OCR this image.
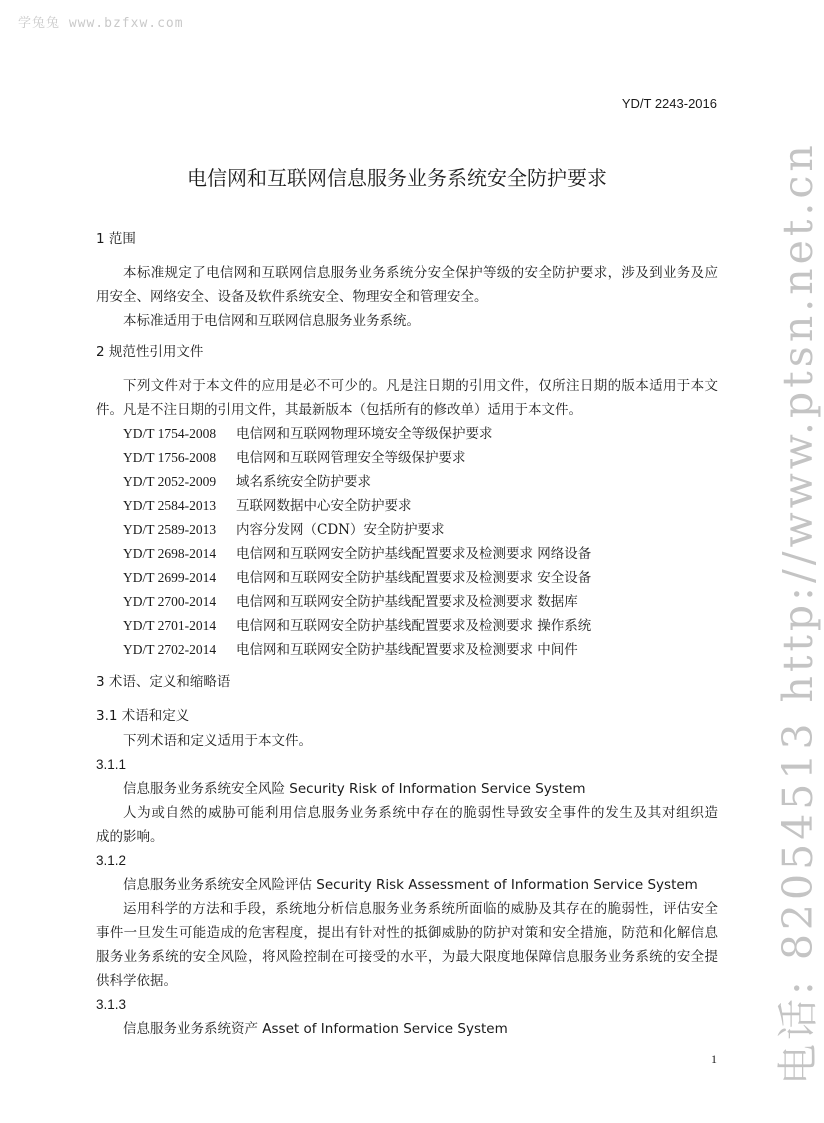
学兔兔 www.bzfxw.com
电话: 82054513 http://www.ptsn.net.cn
YD/T 2243-2016
电信网和互联网信息服务业务系统安全防护要求
1 范围
本标准规定了电信网和互联网信息服务业务系统分安全保护等级的安全防护要求，涉及到业务及应
用安全、网络安全、设备及软件系统安全、物理安全和管理安全。
本标准适用于电信网和互联网信息服务业务系统。
2 规范性引用文件
下列文件对于本文件的应用是必不可少的。凡是注日期的引用文件，仅所注日期的版本适用于本文
件。凡是不注日期的引用文件，其最新版本（包括所有的修改单）适用于本文件。
YD/T 1754-2008 电信网和互联网物理环境安全等级保护要求
YD/T 1756-2008 电信网和互联网管理安全等级保护要求
YD/T 2052-2009 域名系统安全防护要求
YD/T 2584-2013 互联网数据中心安全防护要求
YD/T 2589-2013 内容分发网（CDN）安全防护要求
YD/T 2698-2014 电信网和互联网安全防护基线配置要求及检测要求 网络设备
YD/T 2699-2014 电信网和互联网安全防护基线配置要求及检测要求 安全设备
YD/T 2700-2014 电信网和互联网安全防护基线配置要求及检测要求 数据库
YD/T 2701-2014 电信网和互联网安全防护基线配置要求及检测要求 操作系统
YD/T 2702-2014 电信网和互联网安全防护基线配置要求及检测要求 中间件
3 术语、定义和缩略语
3.1 术语和定义
下列术语和定义适用于本文件。
3.1.1
信息服务业务系统安全风险 Security Risk of Information Service System
人为或自然的威胁可能利用信息服务业务系统中存在的脆弱性导致安全事件的发生及其对组织造
成的影响。
3.1.2
信息服务业务系统安全风险评估 Security Risk Assessment of Information Service System
运用科学的方法和手段，系统地分析信息服务业务系统所面临的威胁及其存在的脆弱性，评估安全
事件一旦发生可能造成的危害程度，提出有针对性的抵御威胁的防护对策和安全措施，防范和化解信息
服务业务系统的安全风险，将风险控制在可接受的水平，为最大限度地保障信息服务业务系统的安全提
供科学依据。
3.1.3
信息服务业务系统资产 Asset of Information Service System
1
